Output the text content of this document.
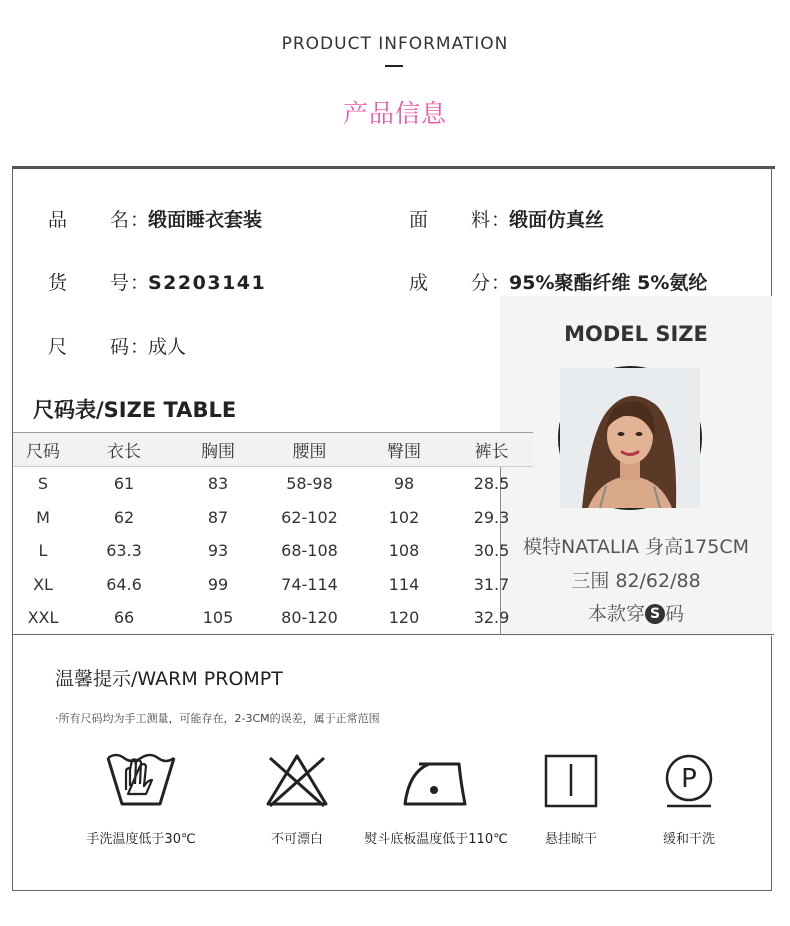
PRODUCT INFORMATION
产品信息
品 名：缎面睡衣套装	面 料：缎面仿真丝
货 号：S2203141	成 分：95%聚酯纤维 5%氨纶
尺 码：成人
尺码表/SIZE TABLE
尺码	衣长	胸围	腰围	臀围	裤长
S	61	83	58-98	98	28.5
M	62	87	62-102	102	29.3
L	63.3	93	68-108	108	30.5
XL	64.6	99	74-114	114	31.7
XXL	66	105	80-120	120	32.9
MODEL SIZE
模特NATALIA 身高175CM
三围 82/62/88
本款穿 S 码
温馨提示/WARM PROMPT
·所有尺码均为手工测量，可能存在，2-3CM的误差，属于正常范围
手洗温度低于30℃	不可漂白	熨斗底板温度低于110℃	悬挂晾干
P
缓和干洗
